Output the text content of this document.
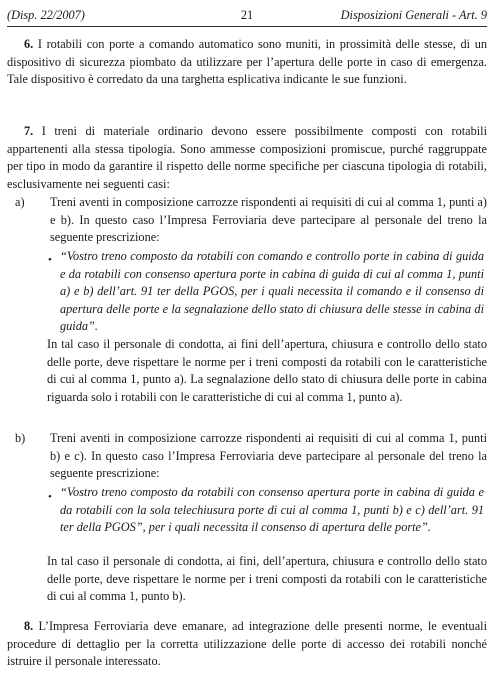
(Disp. 22/2007)	21	Disposizioni Generali - Art. 9
6. I rotabili con porte a comando automatico sono muniti, in prossimità delle stesse, di un dispositivo di sicurezza piombato da utilizzare per l’apertura delle porte in caso di emergenza. Tale dispositivo è corredato da una targhetta esplicativa indicante le sue funzioni.
7. I treni di materiale ordinario devono essere possibilmente composti con rotabili appartenenti alla stessa tipologia. Sono ammesse composizioni promiscue, purché raggruppate per tipo in modo da garantire il rispetto delle norme specifiche per ciascuna tipologia di rotabili, esclusivamente nei seguenti casi:
a) Treni aventi in composizione carrozze rispondenti ai requisiti di cui al comma 1, punti a) e b). In questo caso l’Impresa Ferroviaria deve partecipare al personale del treno la seguente prescrizione:
• “Vostro treno composto da rotabili con comando e controllo porte in cabina di guida e da rotabili con consenso apertura porte in cabina di guida di cui al comma 1, punti a) e b) dell’art. 91 ter della PGOS, per i quali necessita il comando e il consenso di apertura delle porte e la segnalazione dello stato di chiusura delle stesse in cabina di guida”.
In tal caso il personale di condotta, ai fini dell’apertura, chiusura e controllo dello stato delle porte, deve rispettare le norme per i treni composti da rotabili con le caratteristiche di cui al comma 1, punto a). La segnalazione dello stato di chiusura delle porte in cabina riguarda solo i rotabili con le caratteristiche di cui al comma 1, punto a).
b) Treni aventi in composizione carrozze rispondenti ai requisiti di cui al comma 1, punti b) e c). In questo caso l’Impresa Ferroviaria deve partecipare al personale del treno la seguente prescrizione:
• “Vostro treno composto da rotabili con consenso apertura porte in cabina di guida e da rotabili con la sola telechiusura porte di cui al comma 1, punti b) e c) dell’art. 91 ter della PGOS”, per i quali necessita il consenso di apertura delle porte”.
In tal caso il personale di condotta, ai fini, dell’apertura, chiusura e controllo dello stato delle porte, deve rispettare le norme per i treni composti da rotabili con le caratteristiche di cui al comma 1, punto b).
8. L’Impresa Ferroviaria deve emanare, ad integrazione delle presenti norme, le eventuali procedure di dettaglio per la corretta utilizzazione delle porte di accesso dei rotabili nonché istruire il personale interessato.
